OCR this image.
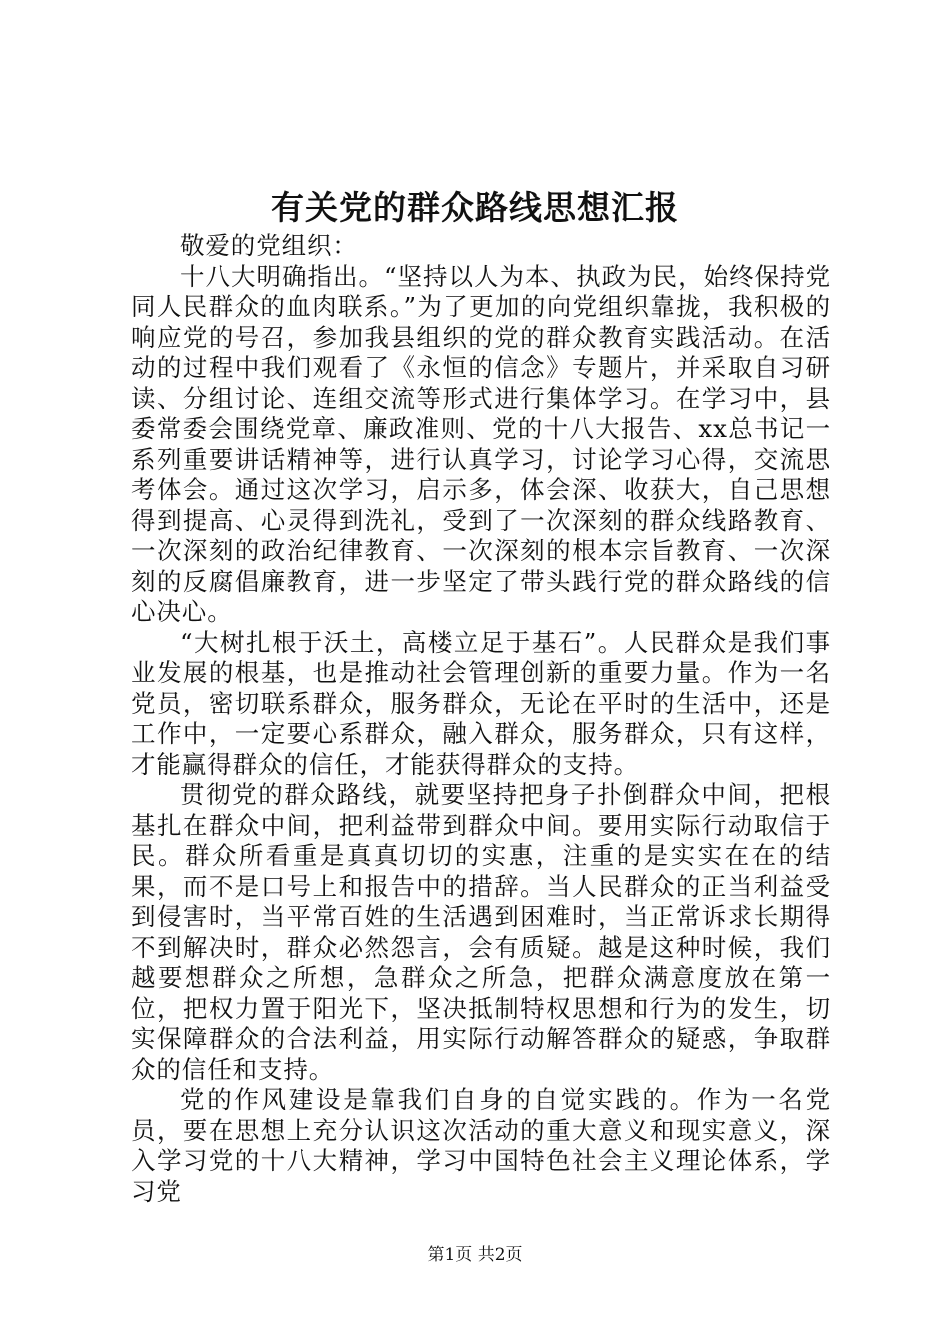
有关党的群众路线思想汇报

敬爱的党组织：

十八大明确指出。“坚持以人为本、执政为民，始终保持党同人民群众的血肉联系。”为了更加的向党组织靠拢，我积极的响应党的号召，参加我县组织的党的群众教育实践活动。在活动的过程中我们观看了《永恒的信念》专题片，并采取自习研读、分组讨论、连组交流等形式进行集体学习。在学习中，县委常委会围绕党章、廉政准则、党的十八大报告、xx总书记一系列重要讲话精神等，进行认真学习，讨论学习心得，交流思考体会。通过这次学习，启示多，体会深、收获大，自己思想得到提高、心灵得到洗礼，受到了一次深刻的群众线路教育、一次深刻的政治纪律教育、一次深刻的根本宗旨教育、一次深刻的反腐倡廉教育，进一步坚定了带头践行党的群众路线的信心决心。

“大树扎根于沃土，高楼立足于基石”。人民群众是我们事业发展的根基，也是推动社会管理创新的重要力量。作为一名党员，密切联系群众，服务群众，无论在平时的生活中，还是工作中，一定要心系群众，融入群众，服务群众，只有这样，才能赢得群众的信任，才能获得群众的支持。

贯彻党的群众路线，就要坚持把身子扑倒群众中间，把根基扎在群众中间，把利益带到群众中间。要用实际行动取信于民。群众所看重是真真切切的实惠，注重的是实实在在的结果，而不是口号上和报告中的措辞。当人民群众的正当利益受到侵害时，当平常百姓的生活遇到困难时，当正常诉求长期得不到解决时，群众必然怨言，会有质疑。越是这种时候，我们越要想群众之所想，急群众之所急，把群众满意度放在第一位，把权力置于阳光下，坚决抵制特权思想和行为的发生，切实保障群众的合法利益，用实际行动解答群众的疑惑，争取群众的信任和支持。

党的作风建设是靠我们自身的自觉实践的。作为一名党员，要在思想上充分认识这次活动的重大意义和现实意义，深入学习党的十八大精神，学习中国特色社会主义理论体系，学习党

第1页 共2页
